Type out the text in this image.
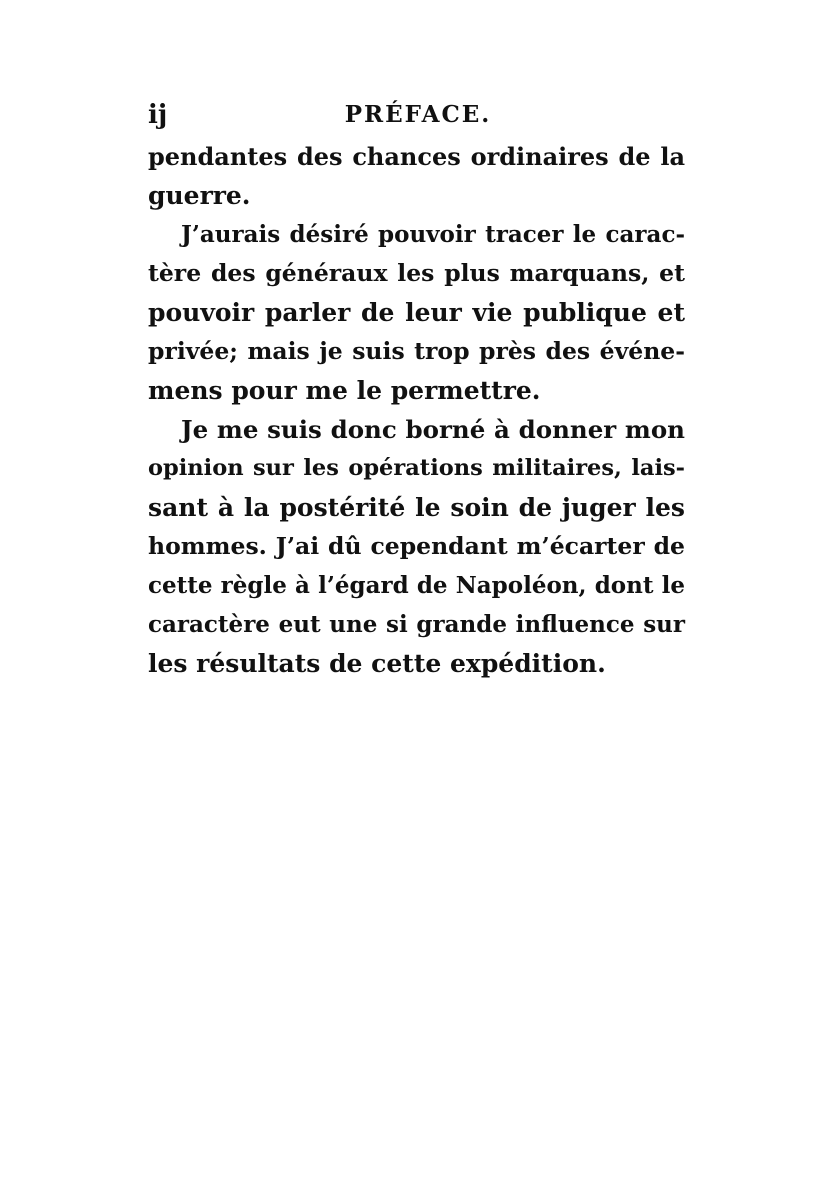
ij	PRÉFACE.
pendantes des chances ordinaires de la
guerre.
J’aurais désiré pouvoir tracer le carac-
tère des généraux les plus marquans, et
pouvoir parler de leur vie publique et
privée; mais je suis trop près des événe-
mens pour me le permettre.
Je me suis donc borné à donner mon
opinion sur les opérations militaires, lais-
sant à la postérité le soin de juger les
hommes. J’ai dû cependant m’écarter de
cette règle à l’égard de Napoléon, dont le
caractère eut une si grande influence sur
les résultats de cette expédition.
